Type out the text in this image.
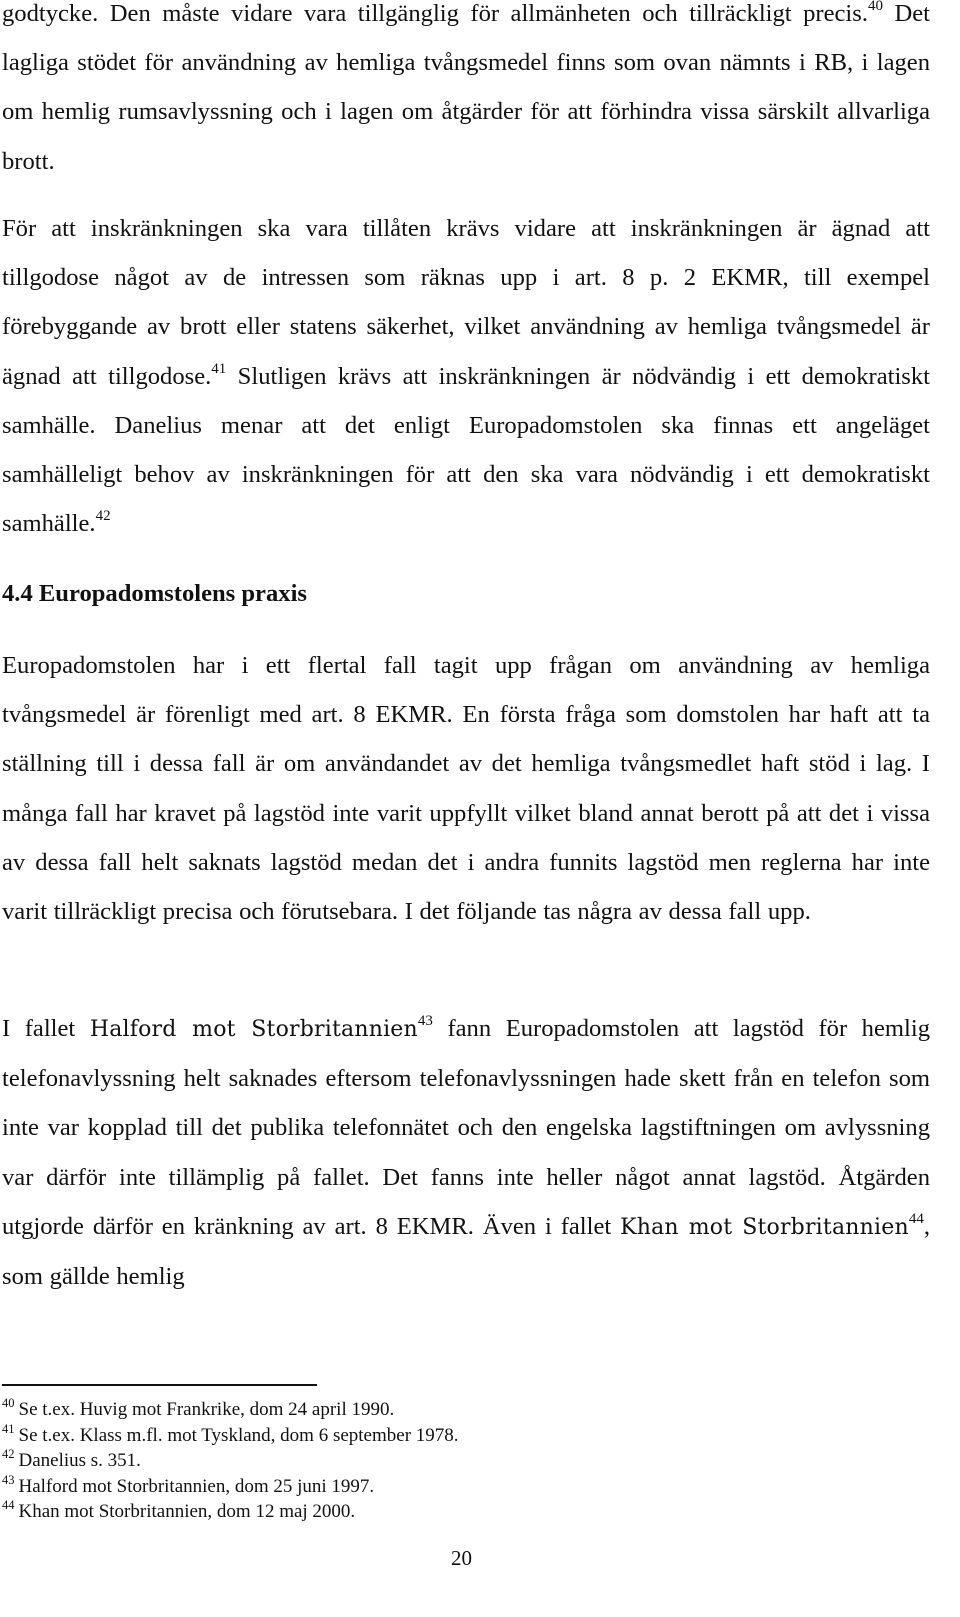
godtycke. Den måste vidare vara tillgänglig för allmänheten och tillräckligt precis.$^{40}$ Det lagliga stödet för användning av hemliga tvångsmedel finns som ovan nämnts i RB, i lagen om hemlig rumsavlyssning och i lagen om åtgärder för att förhindra vissa särskilt allvarliga brott.

För att inskränkningen ska vara tillåten krävs vidare att inskränkningen är ägnad att tillgodose något av de intressen som räknas upp i art. 8 p. 2 EKMR, till exempel förebyggande av brott eller statens säkerhet, vilket användning av hemliga tvångsmedel är ägnad att tillgodose.$^{41}$ Slutligen krävs att inskränkningen är nödvändig i ett demokratiskt samhälle. Danelius menar att det enligt Europadomstolen ska finnas ett angeläget samhälleligt behov av inskränkningen för att den ska vara nödvändig i ett demokratiskt samhälle.$^{42}$

4.4 Europadomstolens praxis

Europadomstolen har i ett flertal fall tagit upp frågan om användning av hemliga tvångsmedel är förenligt med art. 8 EKMR. En första fråga som domstolen har haft att ta ställning till i dessa fall är om användandet av det hemliga tvångsmedlet haft stöd i lag. I många fall har kravet på lagstöd inte varit uppfyllt vilket bland annat berott på att det i vissa av dessa fall helt saknats lagstöd medan det i andra funnits lagstöd men reglerna har inte varit tillräckligt precisa och förutsebara. I det följande tas några av dessa fall upp.

I fallet Halford mot Storbritannien$^{43}$ fann Europadomstolen att lagstöd för hemlig telefonavlyssning helt saknades eftersom telefonavlyssningen hade skett från en telefon som inte var kopplad till det publika telefonnätet och den engelska lagstiftningen om avlyssning var därför inte tillämplig på fallet. Det fanns inte heller något annat lagstöd. Åtgärden utgjorde därför en kränkning av art. 8 EKMR. Även i fallet Khan mot Storbritannien$^{44}$, som gällde hemlig

$^{40}$ Se t.ex. Huvig mot Frankrike, dom 24 april 1990.
$^{41}$ Se t.ex. Klass m.fl. mot Tyskland, dom 6 september 1978.
$^{42}$ Danelius s. 351.
$^{43}$ Halford mot Storbritannien, dom 25 juni 1997.
$^{44}$ Khan mot Storbritannien, dom 12 maj 2000.
20
